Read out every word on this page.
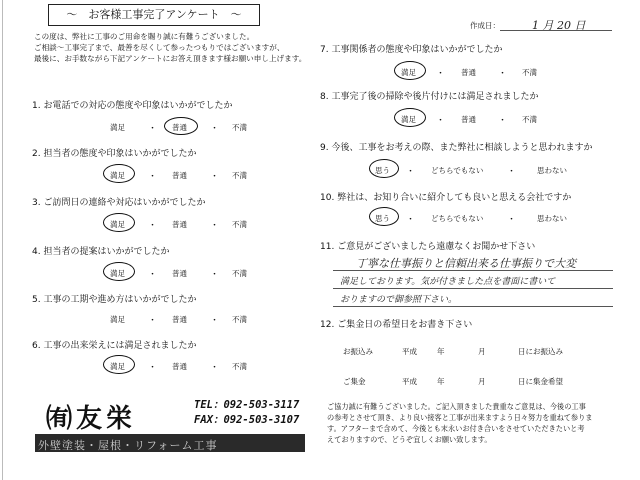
～　お客様工事完了アンケート　～
作成日：	1 月 20 日
この度は、弊社に工事のご用命を賜り誠に有難うございました。
ご相談～工事完了まで、最善を尽くして参ったつもりではございますが、
最後に、お手数ながら下記アンケートにお答え頂きます様お願い申し上げます。
1. お電話での対応の態度や印象はいかがでしたか
満足	・ 普通	・ 不満
2. 担当者の態度や印象はいかがでしたか
満足	・ 普通	・ 不満
3. ご訪問日の連絡や対応はいかがでしたか
満足	・ 普通	・ 不満
4. 担当者の提案はいかがでしたか
満足	・ 普通	・ 不満
5. 工事の工期や進め方はいかがでしたか
満足	・ 普通	・ 不満
6. 工事の出来栄えには満足されましたか
満足	・ 普通	・ 不満
7. 工事関係者の態度や印象はいかがでしたか
満足 ・ 普通 ・ 不満
8. 工事完了後の掃除や後片付けには満足されましたか
満足 ・ 普通 ・ 不満
9. 今後、工事をお考えの際、また弊社に相談しようと思われますか
思う ・ どちらでもない	・	思わない
10. 弊社は、お知り合いに紹介しても良いと思える会社ですか
思う ・ どちらでもない	・	思わない
11. ご意見がございましたら遠慮なくお聞かせ下さい
丁寧な仕事振りと信頼出来る仕事振りで大変
満足しております。気が付きました点を書面に書いて
おりますので御参照下さい。
12. ご集金日の希望日をお書き下さい
お振込み	平成	年	月	日にお振込み
ご集金	平成	年	月	日に集金希望
ご協力誠に有難うございました。ご記入頂きました貴重なご意見は、今後の工事
の参考とさせて頂き、より良い接客と工事が出来ますよう日々努力を重ねて参りま
す。アフターまで含めて、今後とも末永いお付き合いをさせていただきたいと考
えておりますので、どうぞ宜しくお願い致します。
㈲友栄	TEL：092-503-3117
FAX：092-503-3107
外壁塗装・屋根・リフォーム工事
